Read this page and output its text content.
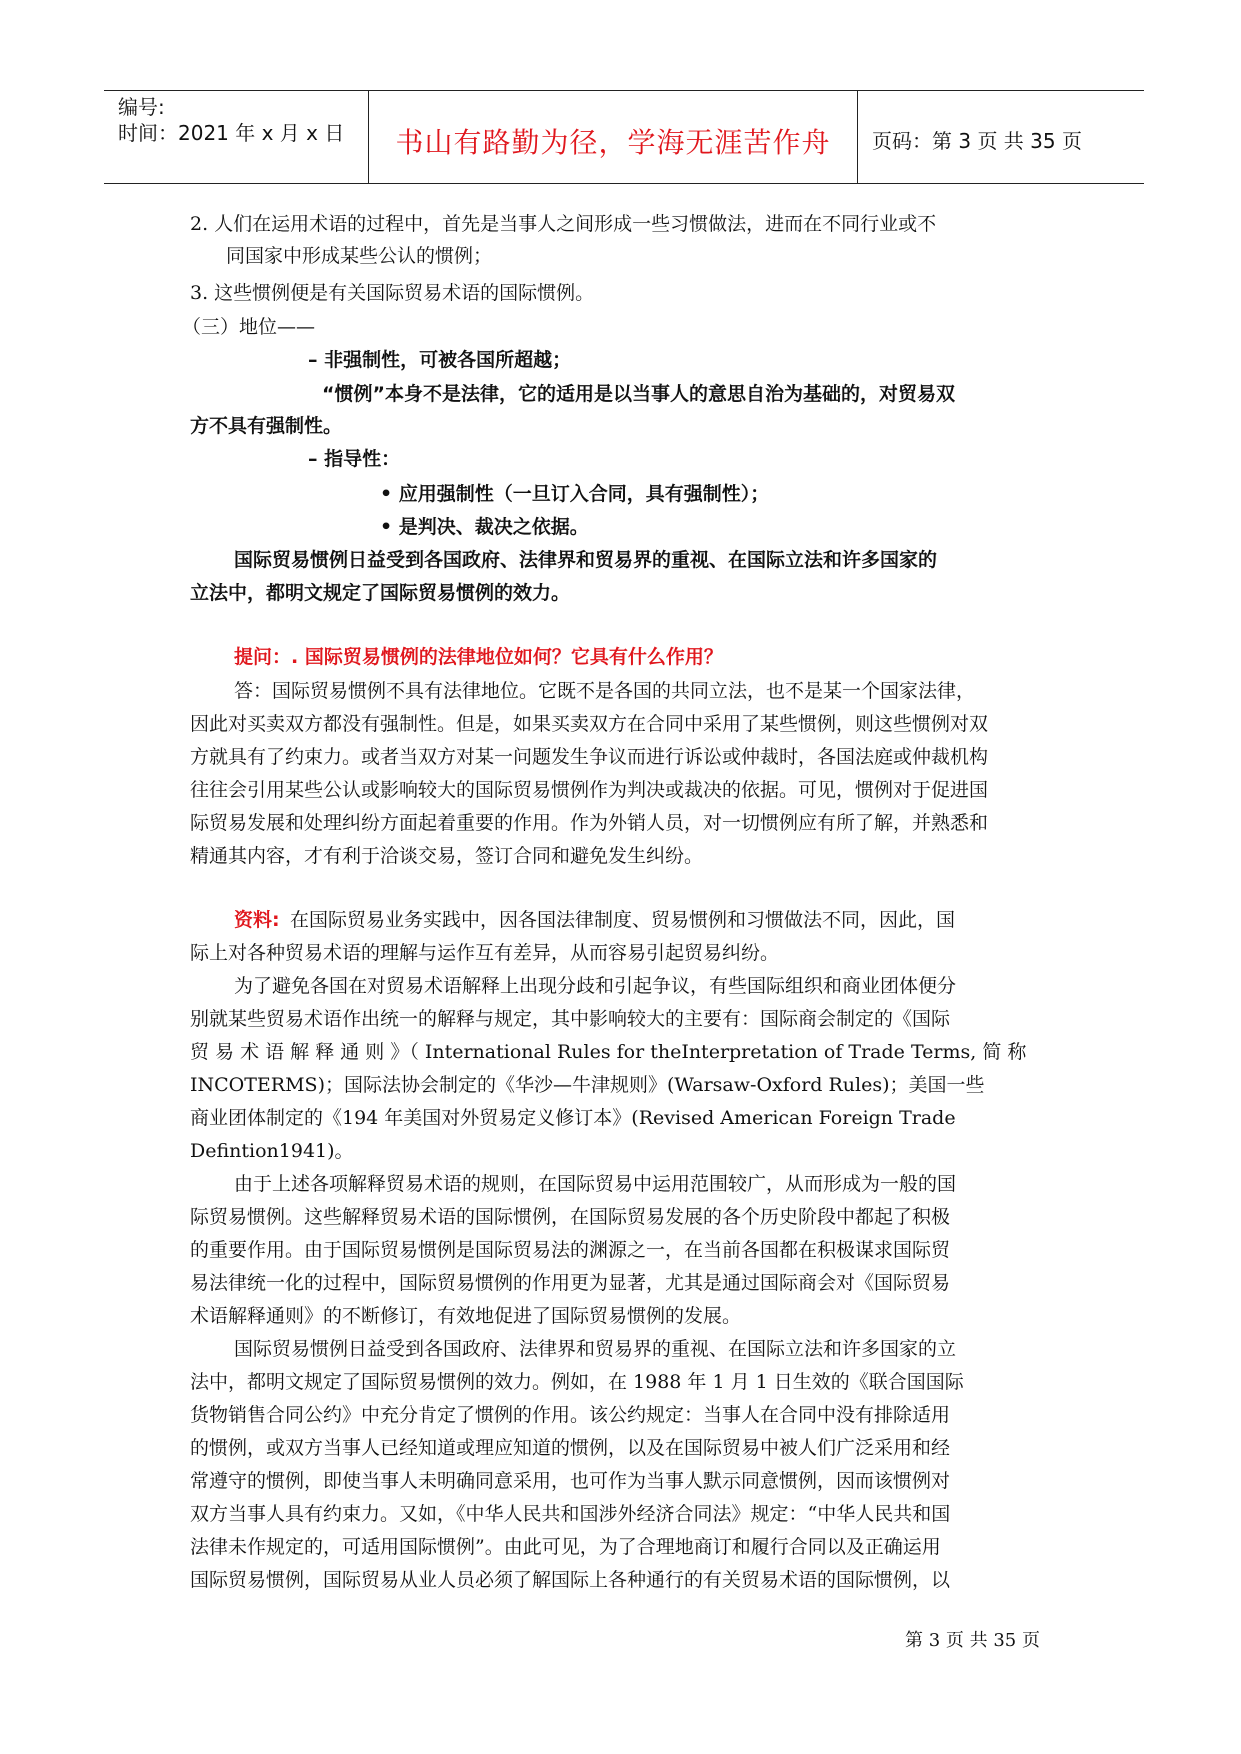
编号:
时间：2021 年 x 月 x 日	书山有路勤为径，学海无涯苦作舟	页码：第 3 页 共 35 页
2. 人们在运用术语的过程中，首先是当事人之间形成一些习惯做法，进而在不同行业或不
同国家中形成某些公认的惯例；
3. 这些惯例便是有关国际贸易术语的国际惯例。
（三）地位——
– 非强制性，可被各国所超越；
“惯例”本身不是法律，它的适用是以当事人的意思自治为基础的，对贸易双
方不具有强制性。
– 指导性：
• 应用强制性（一旦订入合同，具有强制性）；
• 是判决、裁决之依据。
国际贸易惯例日益受到各国政府、法律界和贸易界的重视、在国际立法和许多国家的
立法中，都明文规定了国际贸易惯例的效力。
提问：. 国际贸易惯例的法律地位如何？它具有什么作用？
答：国际贸易惯例不具有法律地位。它既不是各国的共同立法，也不是某一个国家法律，
因此对买卖双方都没有强制性。但是，如果买卖双方在合同中采用了某些惯例，则这些惯例对双
方就具有了约束力。或者当双方对某一问题发生争议而进行诉讼或仲裁时，各国法庭或仲裁机构
往往会引用某些公认或影响较大的国际贸易惯例作为判决或裁决的依据。可见，惯例对于促进国
际贸易发展和处理纠纷方面起着重要的作用。作为外销人员，对一切惯例应有所了解，并熟悉和
精通其内容，才有利于洽谈交易，签订合同和避免发生纠纷。
资料: 在国际贸易业务实践中，因各国法律制度、贸易惯例和习惯做法不同，因此，国
际上对各种贸易术语的理解与运作互有差异，从而容易引起贸易纠纷。
为了避免各国在对贸易术语解释上出现分歧和引起争议，有些国际组织和商业团体便分
别就某些贸易术语作出统一的解释与规定，其中影响较大的主要有：国际商会制定的《国际
贸 易 术 语 解 释 通 则 》（ International Rules for theInterpretation of Trade Terms, 简 称
INCOTERMS)；国际法协会制定的《华沙—牛津规则》(Warsaw-Oxford Rules)；美国一些
商业团体制定的《194 年美国对外贸易定义修订本》(Revised American Foreign Trade
Defintion1941)。
由于上述各项解释贸易术语的规则，在国际贸易中运用范围较广，从而形成为一般的国
际贸易惯例。这些解释贸易术语的国际惯例，在国际贸易发展的各个历史阶段中都起了积极
的重要作用。由于国际贸易惯例是国际贸易法的渊源之一，在当前各国都在积极谋求国际贸
易法律统一化的过程中，国际贸易惯例的作用更为显著，尤其是通过国际商会对《国际贸易
术语解释通则》的不断修订，有效地促进了国际贸易惯例的发展。
国际贸易惯例日益受到各国政府、法律界和贸易界的重视、在国际立法和许多国家的立
法中，都明文规定了国际贸易惯例的效力。例如，在 1988 年 1 月 1 日生效的《联合国国际
货物销售合同公约》中充分肯定了惯例的作用。该公约规定：当事人在合同中没有排除适用
的惯例，或双方当事人已经知道或理应知道的惯例，以及在国际贸易中被人们广泛采用和经
常遵守的惯例，即使当事人未明确同意采用，也可作为当事人默示同意惯例，因而该惯例对
双方当事人具有约束力。又如，《中华人民共和国涉外经济合同法》规定：“中华人民共和国
法律未作规定的，可适用国际惯例”。由此可见，为了合理地商订和履行合同以及正确运用
国际贸易惯例，国际贸易从业人员必须了解国际上各种通行的有关贸易术语的国际惯例，以
第 3 页 共 35 页
